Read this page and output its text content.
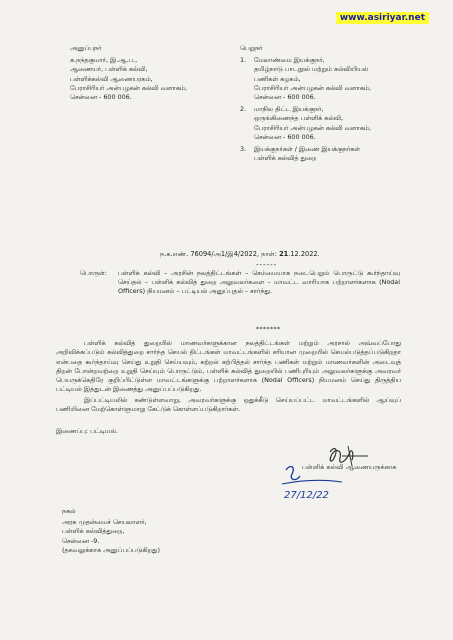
www.asiriyar.net
அனுப்புநர்
க.நந்தகுமார், இ.ஆ.ப.,
ஆணையர், பள்ளிக் கல்வி,
பள்ளிக்கல்வி ஆணையரகம்,
பேராசிரியர் அன்பழகன் கல்வி வளாகம்,
சென்னை - 600 006.
பெறுநர்
1.	மேலாண்மை இயக்குநர்,
தமிழ்நாடு பாடநூல் மற்றும் கல்வியியல்
பணிகள் கழகம்,
பேராசிரியர் அன்பழகன் கல்வி வளாகம்,
சென்னை - 600 006.
2.	மாநில திட்ட இயக்குநர்,
ஒருங்கிணைந்த பள்ளிக் கல்வி,
பேராசிரியர் அன்பழகன் கல்வி வளாகம்,
சென்னை - 600 006.
3.	இயக்குநர்கள் / இணை இயக்குநர்கள்
பள்ளிக் கல்வித் துறை
ந.க.எண். 76094/அ1/இ4/2022, நாள்: 21.12.2022.
------
பொருள்:	பள்ளிக் கல்வி – அரசின் நலத்திட்டங்கள் – செம்மையாக நடைபெறும் பொருட்டு கூர்ந்தாய்வு செய்தல் – பள்ளிக் கல்வித் துறை அலுவலர்களை – மாவட்ட வாரியாக பற்றாளர்களாக (Nodal Officers) நியமனம் – பட்டியல் அனுப்புதல் – சார்ந்து.
*******

பள்ளிக் கல்வித் துறையில் மாணவர்களுக்கான நலத்திட்டங்கள் மற்றும் அரசால் அவ்வப்போது அறிவிக்கப்படும் கல்வித்துறை சார்ந்த செயல் திட்டங்கள் மாவட்டங்களில் சரியான முறையில் செயல்படுத்தப்படுகிறதா என்பதை கூர்ந்தாய்வு செய்து உறுதி செய்யவும், கற்றல் கற்பித்தல் சார்ந்த பணிகள் மற்றும் மாணவர்களின் அடைவுத் திறன் போன்றவற்றை உறுதி செய்யும் பொருட்டும், பள்ளிக் கல்வித் துறையில் பணிபுரியும் அலுவலர்களுக்கு அவரவர் பெயருக்கெதிரே குறிப்பிட்டுள்ள மாவட்டங்களுக்கு பற்றாளர்களாக (Nodal Officers) நியமனம் செய்து திருத்திய பட்டியல் இத்துடன் இணைத்து அனுப்பப்படுகிறது.

இப்பட்டியலில் கண்டுள்ளவாறு, அவரவர்களுக்கு ஒதுக்கீடு செய்யப்பட்ட மாவட்டங்களில் ஆய்வுப் பணியினை மேற்கொள்ளுமாறு கேட்டுக் கொள்ளப்படுகிறார்கள்.

இணைப்பு: பட்டியல்.
27/12/22
பள்ளிக் கல்வி ஆணையருக்காக
நகல்
அரசு முதன்மைச் செயலாளர்,
பள்ளிக் கல்வித்துறை,
சென்னை -9.
(தகவலுக்காக அனுப்பப்படுகிறது)
